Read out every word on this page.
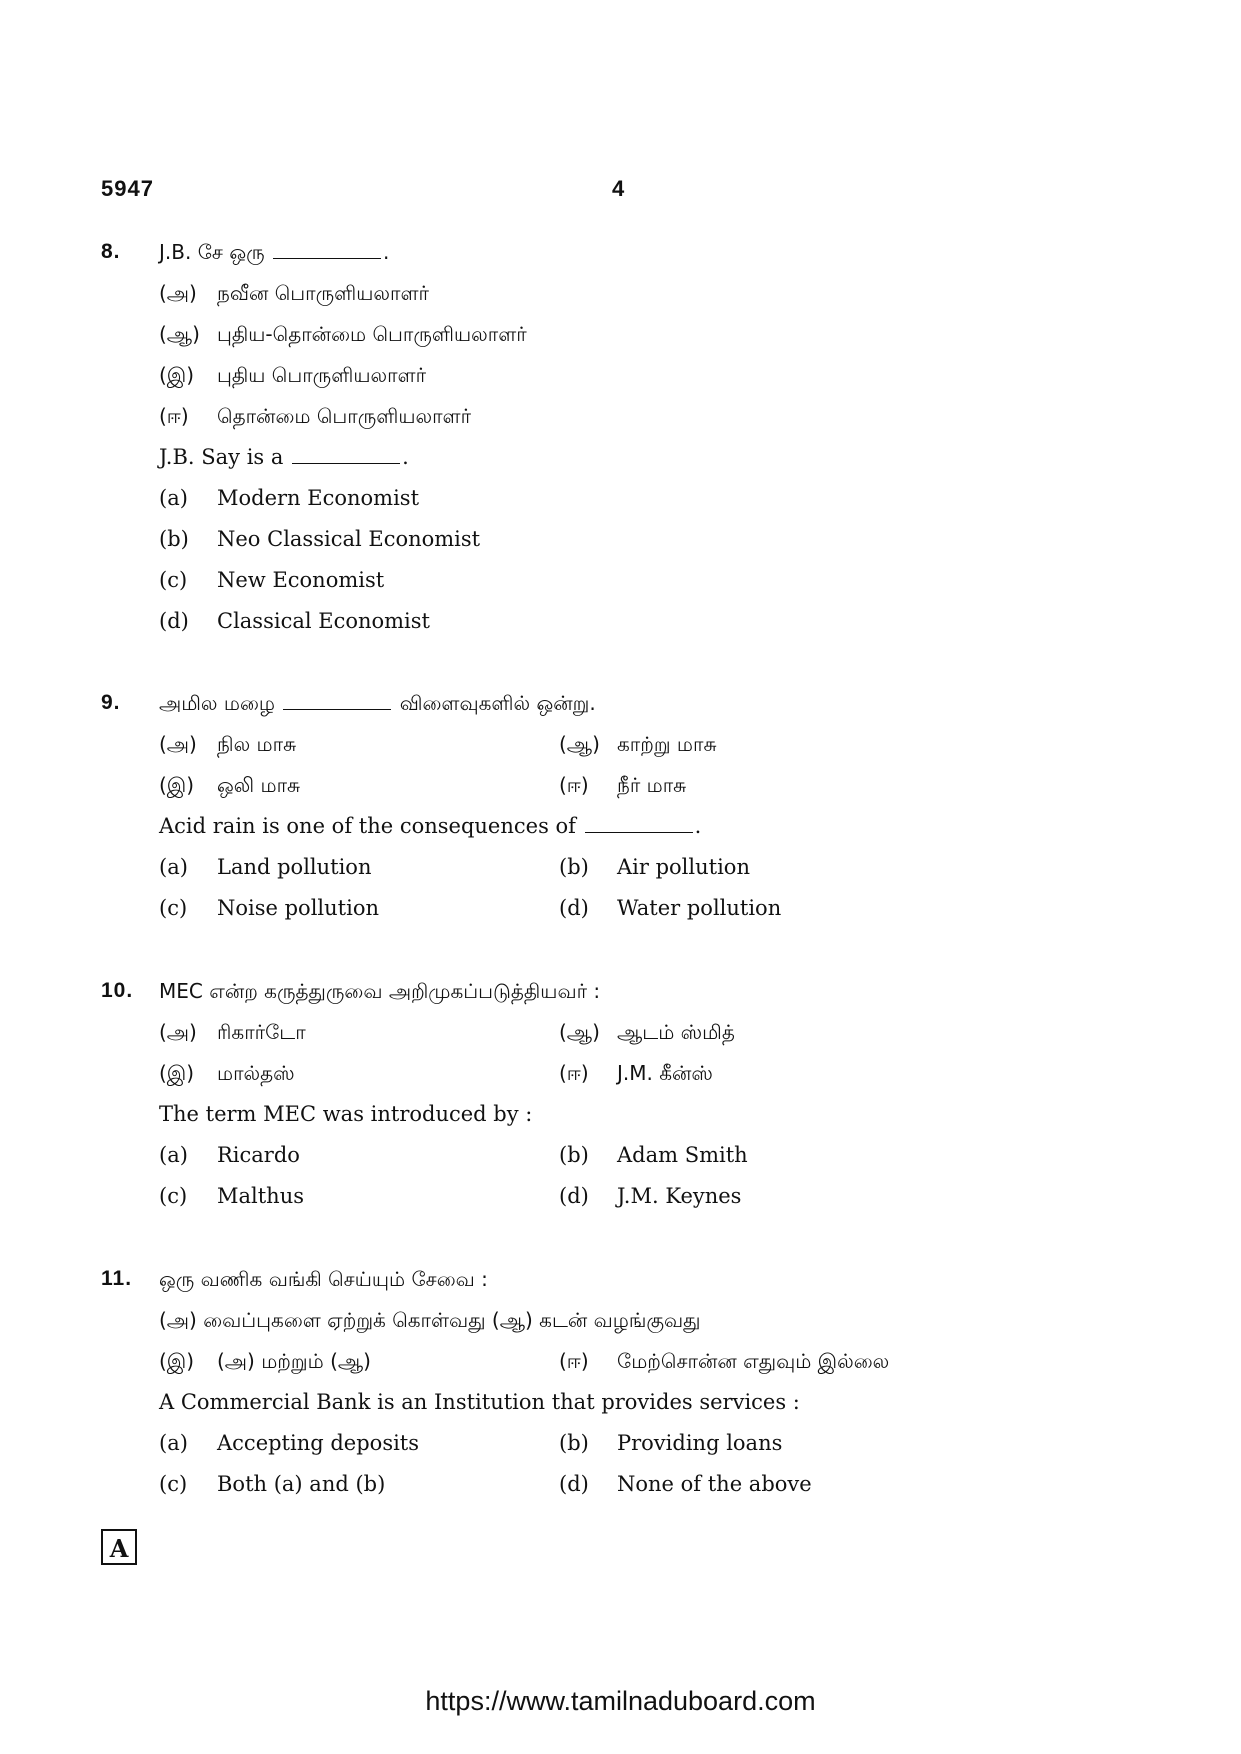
5947	4
8. J.B. சே ஒரு	.
(அ) நவீன பொருளியலாளர்
(ஆ) புதிய-தொன்மை பொருளியலாளர்
(இ) புதிய பொருளியலாளர்
(ஈ) தொன்மை பொருளியலாளர்
J.B. Say is a	.
(a) Modern Economist
(b) Neo Classical Economist
(c) New Economist
(d) Classical Economist
9. அமில மழை	விளைவுகளில் ஒன்று.
(அ) நில மாசு	(ஆ) காற்று மாசு
(இ) ஒலி மாசு	(ஈ) நீர் மாசு
Acid rain is one of the consequences of	.
(a) Land pollution	(b) Air pollution
(c) Noise pollution	(d) Water pollution
10. MEC என்ற கருத்துருவை அறிமுகப்படுத்தியவர் :
(அ) ரிகார்டோ	(ஆ) ஆடம் ஸ்மித்
(இ) மால்தஸ்	(ஈ) J.M. கீன்ஸ்
The term MEC was introduced by :
(a) Ricardo	(b) Adam Smith
(c) Malthus	(d) J.M. Keynes
11. ஒரு வணிக வங்கி செய்யும் சேவை :
(அ) வைப்புகளை ஏற்றுக் கொள்வது (ஆ) கடன் வழங்குவது
(இ) (அ) மற்றும் (ஆ)	(ஈ) மேற்சொன்ன எதுவும் இல்லை
A Commercial Bank is an Institution that provides services :
(a) Accepting deposits	(b) Providing loans
(c) Both (a) and (b)	(d) None of the above
A
https://www.tamilnaduboard.com
